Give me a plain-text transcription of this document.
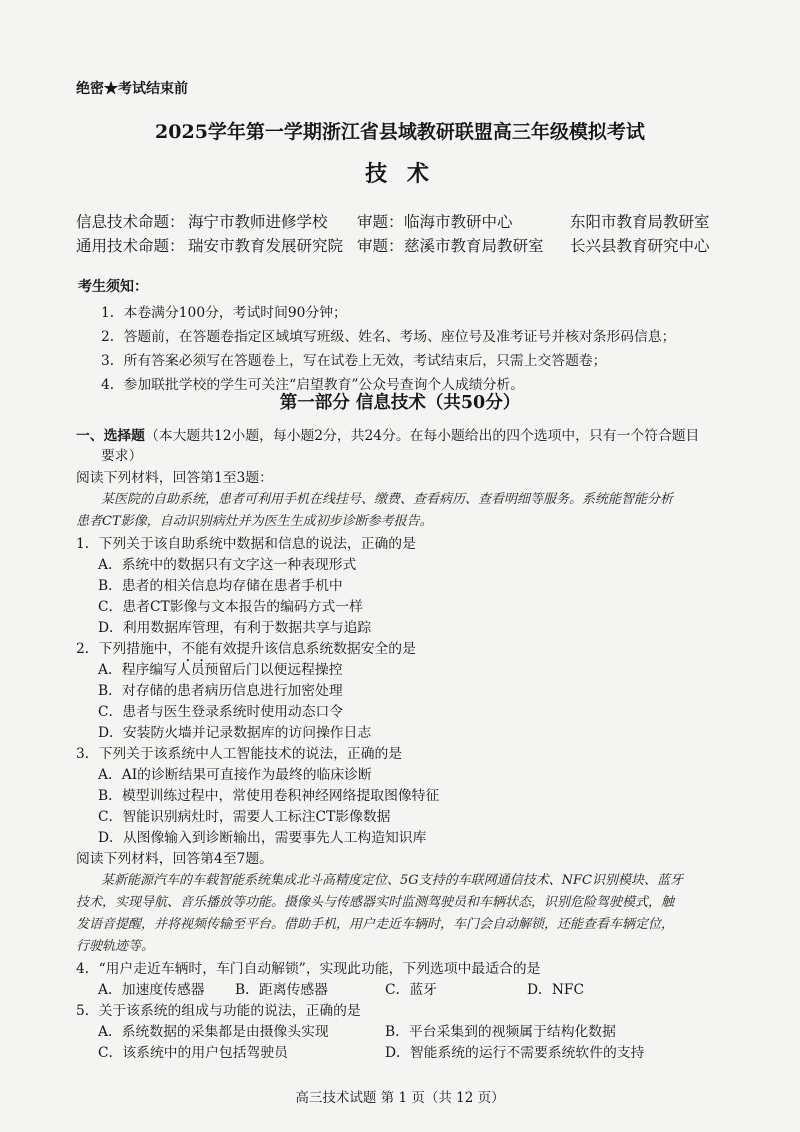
绝密★考试结束前
2025学年第一学期浙江省县域教研联盟高三年级模拟考试
技 术
信息技术命题： 海宁市教师进修学校 审题： 临海市教研中心	东阳市教育局教研室
通用技术命题： 瑞安市教育发展研究院 审题： 慈溪市教育局教研室 长兴县教育研究中心
考生须知：
1．本卷满分100分，考试时间90分钟；
2．答题前，在答题卷指定区域填写班级、姓名、考场、座位号及准考证号并核对条形码信息；
3．所有答案必须写在答题卷上，写在试卷上无效，考试结束后，只需上交答题卷；
4．参加联批学校的学生可关注“启望教育”公众号查询个人成绩分析。
第一部分 信息技术（共50分）
一、选择题（本大题共12小题，每小题2分，共24分。在每小题给出的四个选项中，只有一个符合题目
要求）
阅读下列材料，回答第1至3题：
某医院的自助系统，患者可利用手机在线挂号、缴费、查看病历、查看明细等服务。系统能智能分析
患者CT影像，自动识别病灶并为医生生成初步诊断参考报告。
1．下列关于该自助系统中数据和信息的说法，正确的是
A．系统中的数据只有文字这一种表现形式
B．患者的相关信息均存储在患者手机中
C．患者CT影像与文本报告的编码方式一样
D．利用数据库管理，有利于数据共享与追踪
2．下列措施中，不能有效提升该信息系统数据安全的是
A．程序编写人员预留后门以便远程操控
B．对存储的患者病历信息进行加密处理
C．患者与医生登录系统时使用动态口令
D．安装防火墙并记录数据库的访问操作日志
3．下列关于该系统中人工智能技术的说法，正确的是
A．AI的诊断结果可直接作为最终的临床诊断
B．模型训练过程中，常使用卷积神经网络提取图像特征
C．智能识别病灶时，需要人工标注CT影像数据
D．从图像输入到诊断输出，需要事先人工构造知识库
阅读下列材料，回答第4至7题。
某新能源汽车的车载智能系统集成北斗高精度定位、5G支持的车联网通信技术、NFC识别模块、蓝牙
技术，实现导航、音乐播放等功能。摄像头与传感器实时监测驾驶员和车辆状态，识别危险驾驶模式，触
发语音提醒，并将视频传输至平台。借助手机，用户走近车辆时，车门会自动解锁，还能查看车辆定位，
行驶轨迹等。
4．“用户走近车辆时，车门自动解锁”，实现此功能，下列选项中最适合的是
A．加速度传感器 B．距离传感器	C．蓝牙	D．NFC
5．关于该系统的组成与功能的说法，正确的是
A．系统数据的采集都是由摄像头实现	B．平台采集到的视频属于结构化数据
C．该系统中的用户包括驾驶员	D．智能系统的运行不需要系统软件的支持
高三技术试题 第 1 页（共 12 页）
